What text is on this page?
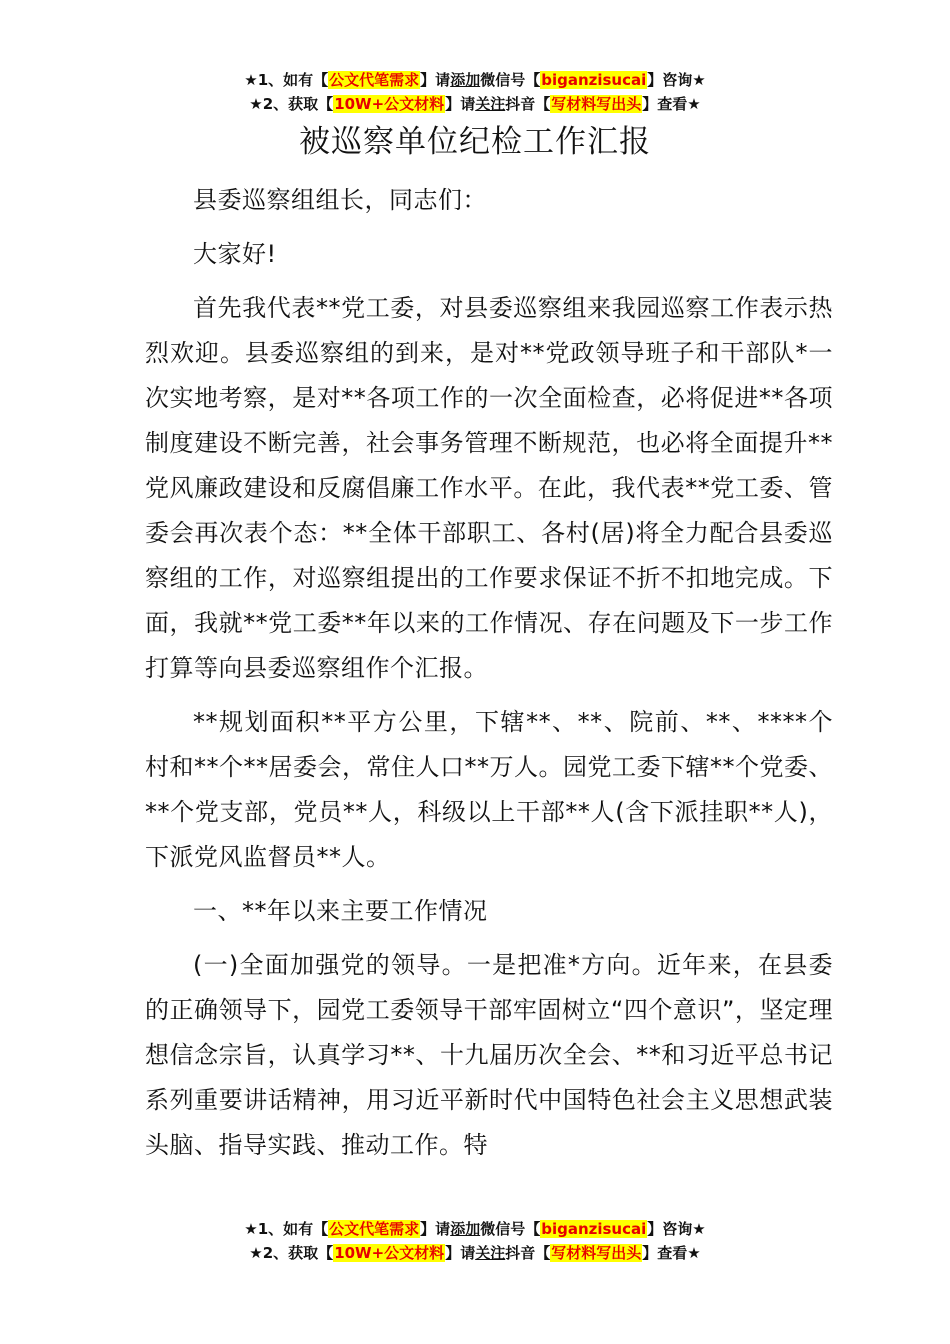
★1、如有【公文代笔需求】请添加微信号【biganzisucai】咨询★
★2、获取【10W+公文材料】请关注抖音【写材料写出头】查看★
被巡察单位纪检工作汇报

县委巡察组组长，同志们：

大家好!

首先我代表**党工委，对县委巡察组来我园巡察工作表示热烈欢迎。县委巡察组的到来，是对**党政领导班子和干部队*一次实地考察，是对**各项工作的一次全面检查，必将促进**各项制度建设不断完善，社会事务管理不断规范，也必将全面提升**党风廉政建设和反腐倡廉工作水平。在此，我代表**党工委、管委会再次表个态：**全体干部职工、各村(居)将全力配合县委巡察组的工作，对巡察组提出的工作要求保证不折不扣地完成。下面，我就**党工委**年以来的工作情况、存在问题及下一步工作打算等向县委巡察组作个汇报。

**规划面积**平方公里，下辖**、**、院前、**、****个村和**个**居委会，常住人口**万人。园党工委下辖**个党委、**个党支部，党员**人，科级以上干部**人(含下派挂职**人)，下派党风监督员**人。

一、**年以来主要工作情况

(一)全面加强党的领导。一是把准*方向。近年来，在县委的正确领导下，园党工委领导干部牢固树立“四个意识”，坚定理想信念宗旨，认真学习**、十九届历次全会、**和习近平总书记系列重要讲话精神，用习近平新时代中国特色社会主义思想武装头脑、指导实践、推动工作。特

★1、如有【公文代笔需求】请添加微信号【biganzisucai】咨询★
★2、获取【10W+公文材料】请关注抖音【写材料写出头】查看★
